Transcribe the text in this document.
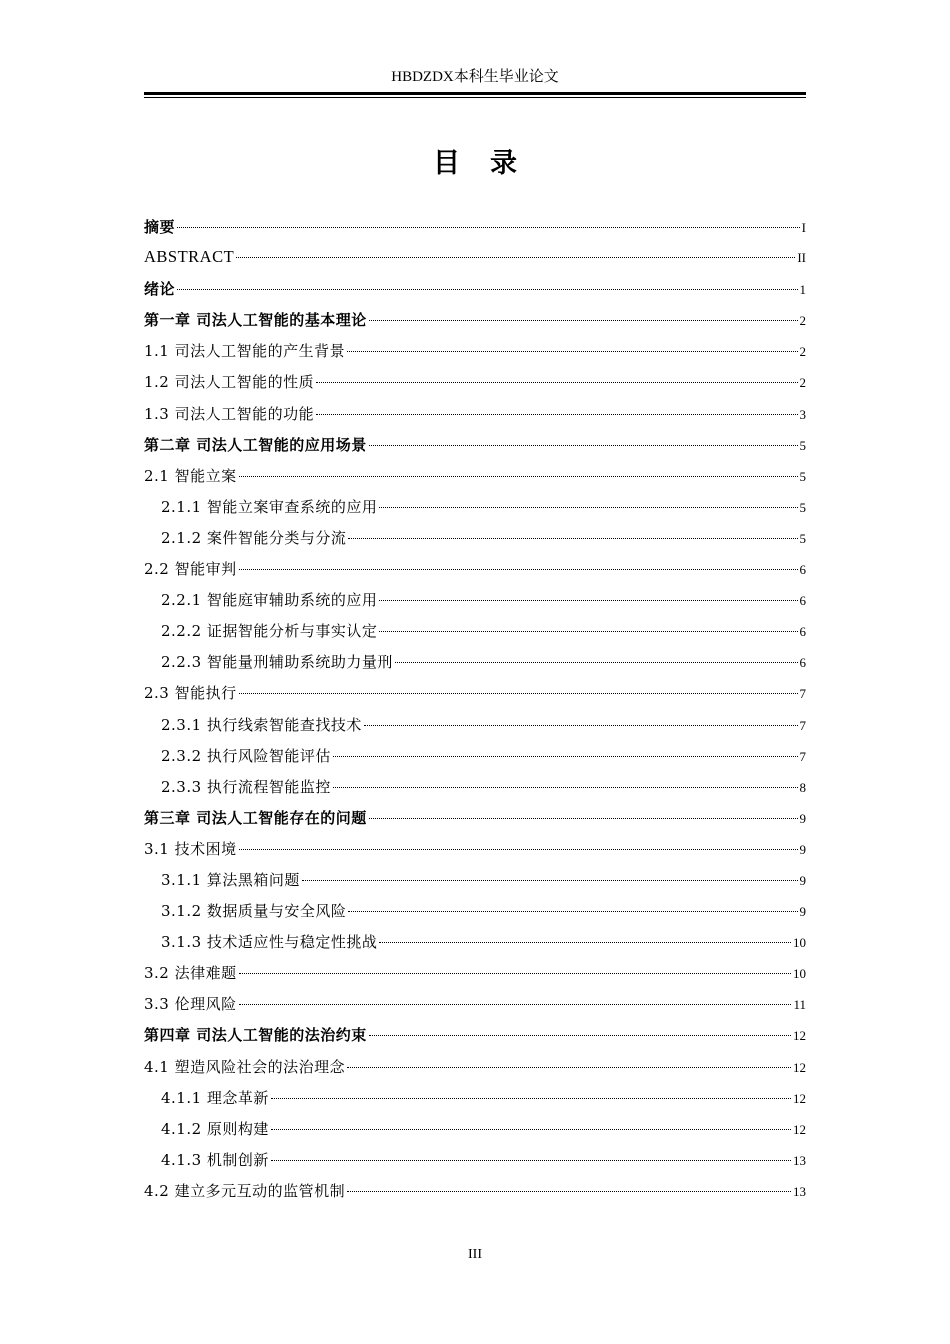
HBDZDX本科生毕业论文
目录
摘要	I
ABSTRACT	II
绪论	1
第一章 司法人工智能的基本理论	2
1.1 司法人工智能的产生背景	2
1.2 司法人工智能的性质	2
1.3 司法人工智能的功能	3
第二章 司法人工智能的应用场景	5
2.1 智能立案	5
2.1.1 智能立案审查系统的应用	5
2.1.2 案件智能分类与分流	5
2.2 智能审判	6
2.2.1 智能庭审辅助系统的应用	6
2.2.2 证据智能分析与事实认定	6
2.2.3 智能量刑辅助系统助力量刑	6
2.3 智能执行	7
2.3.1 执行线索智能查找技术	7
2.3.2 执行风险智能评估	7
2.3.3 执行流程智能监控	8
第三章 司法人工智能存在的问题	9
3.1 技术困境	9
3.1.1 算法黑箱问题	9
3.1.2 数据质量与安全风险	9
3.1.3 技术适应性与稳定性挑战	10
3.2 法律难题	10
3.3 伦理风险	11
第四章 司法人工智能的法治约束	12
4.1 塑造风险社会的法治理念	12
4.1.1 理念革新	12
4.1.2 原则构建	12
4.1.3 机制创新	13
4.2 建立多元互动的监管机制	13
III
